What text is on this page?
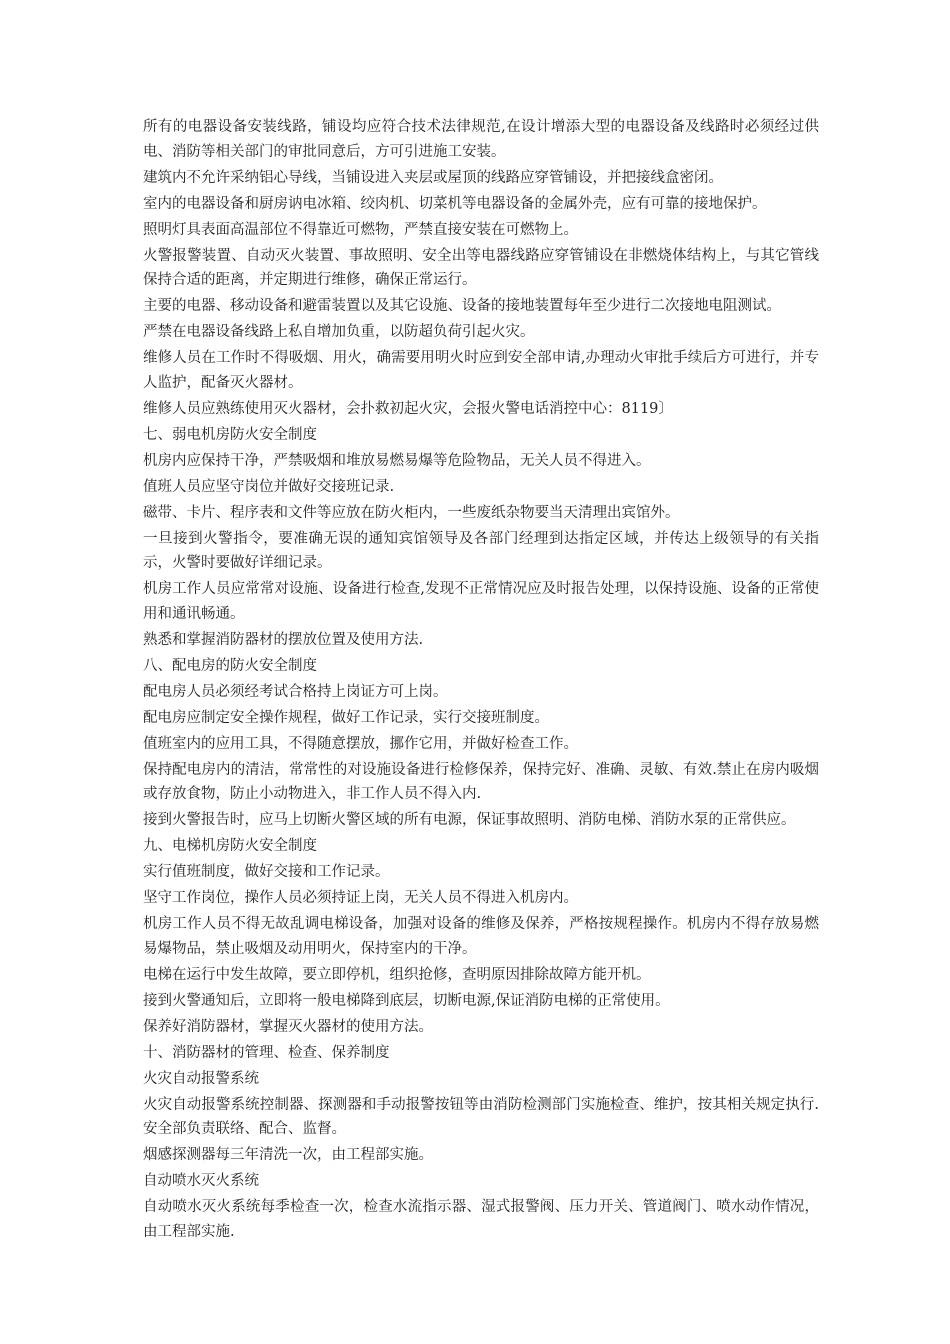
所有的电器设备安装线路，铺设均应符合技术法律规范,在设计增添大型的电器设备及线路时必须经过供电、消防等相关部门的审批同意后，方可引进施工安装。

建筑内不允许采纳铝心导线，当铺设进入夹层或屋顶的线路应穿管铺设，并把接线盒密闭。

室内的电器设备和厨房讷电冰箱、绞肉机、切菜机等电器设备的金属外壳，应有可靠的接地保护。

照明灯具表面高温部位不得靠近可燃物，严禁直接安装在可燃物上。

火警报警装置、自动灭火装置、事故照明、安全出等电器线路应穿管铺设在非燃烧体结构上，与其它管线保持合适的距离，并定期进行维修，确保正常运行。

主要的电器、移动设备和避雷装置以及其它设施、设备的接地装置每年至少进行二次接地电阻测试。

严禁在电器设备线路上私自增加负重，以防超负荷引起火灾。

维修人员在工作时不得吸烟、用火，确需要用明火时应到安全部申请,办理动火审批手续后方可进行，并专人监护，配备灭火器材。

维修人员应熟练使用灭火器材，会扑救初起火灾，会报火警电话消控中心：8119〕

七、弱电机房防火安全制度

机房内应保持干净，严禁吸烟和堆放易燃易爆等危险物品，无关人员不得进入。

值班人员应坚守岗位并做好交接班记录.

磁带、卡片、程序表和文件等应放在防火柜内，一些废纸杂物要当天清理出宾馆外。

一旦接到火警指令，要准确无误的通知宾馆领导及各部门经理到达指定区域，并传达上级领导的有关指示，火警时要做好详细记录。

机房工作人员应常常对设施、设备进行检查,发现不正常情况应及时报告处理，以保持设施、设备的正常使用和通讯畅通。

熟悉和掌握消防器材的摆放位置及使用方法.

八、配电房的防火安全制度

配电房人员必须经考试合格持上岗证方可上岗。

配电房应制定安全操作规程，做好工作记录，实行交接班制度。

值班室内的应用工具，不得随意摆放，挪作它用，并做好检查工作。

保持配电房内的清洁，常常性的对设施设备进行检修保养，保持完好、准确、灵敏、有效.禁止在房内吸烟或存放食物，防止小动物进入，非工作人员不得入内.

接到火警报告时，应马上切断火警区域的所有电源，保证事故照明、消防电梯、消防水泵的正常供应。

九、电梯机房防火安全制度

实行值班制度，做好交接和工作记录。

坚守工作岗位，操作人员必须持证上岗，无关人员不得进入机房内。

机房工作人员不得无故乱调电梯设备，加强对设备的维修及保养，严格按规程操作。机房内不得存放易燃易爆物品，禁止吸烟及动用明火，保持室内的干净。

电梯在运行中发生故障，要立即停机，组织抢修，查明原因排除故障方能开机。

接到火警通知后，立即将一般电梯降到底层，切断电源,保证消防电梯的正常使用。

保养好消防器材，掌握灭火器材的使用方法。

十、消防器材的管理、检查、保养制度

火灾自动报警系统

火灾自动报警系统控制器、探测器和手动报警按钮等由消防检测部门实施检查、维护，按其相关规定执行.安全部负责联络、配合、监督。

烟感探测器每三年清洗一次，由工程部实施。

自动喷水灭火系统

自动喷水灭火系统每季检查一次，检查水流指示器、湿式报警阀、压力开关、管道阀门、喷水动作情况，由工程部实施.
